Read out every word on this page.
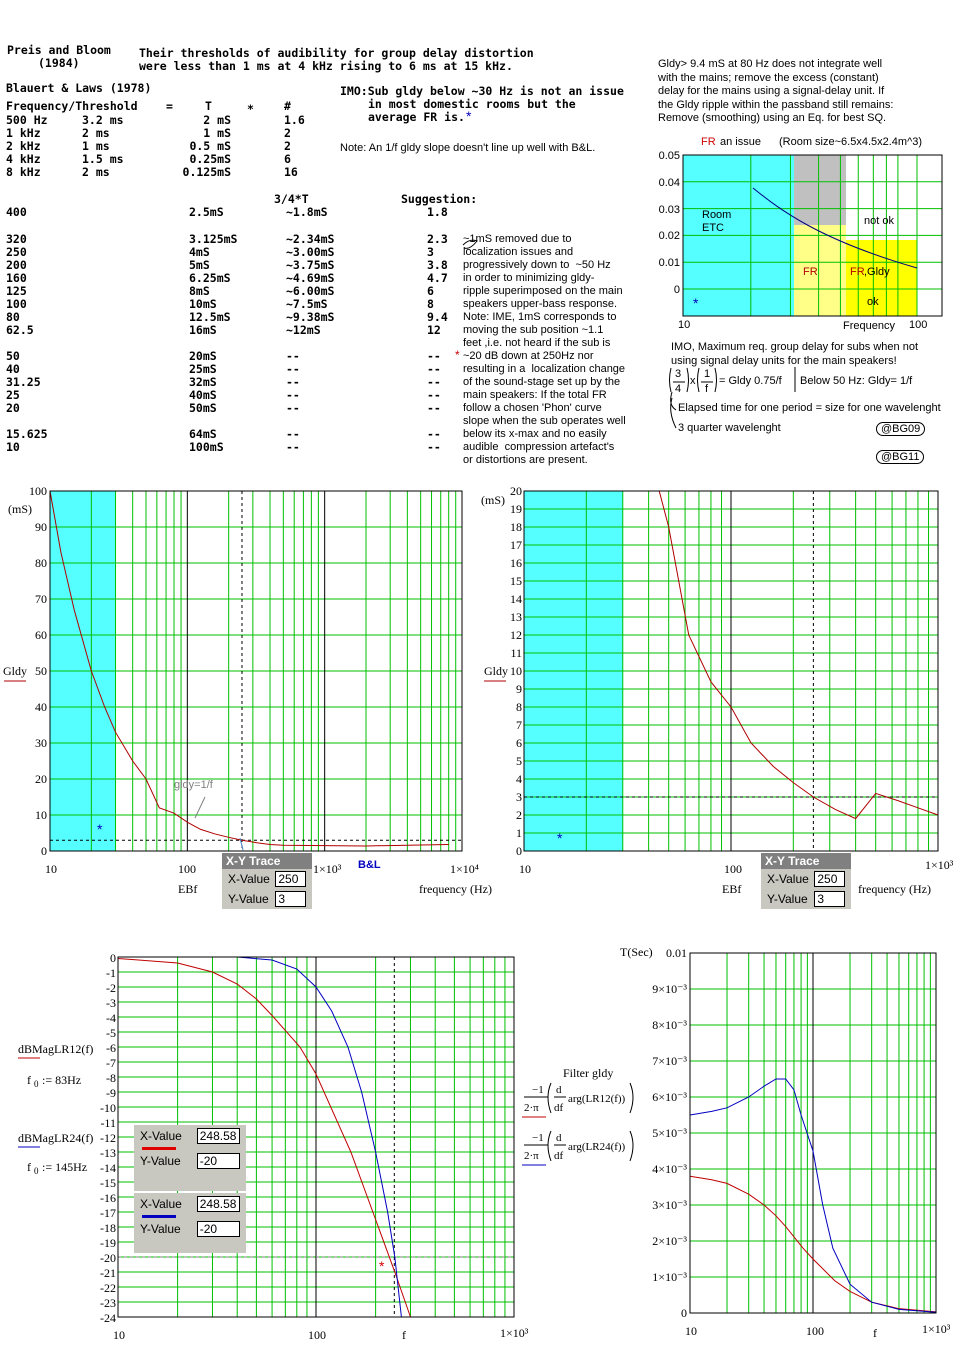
Preis and Bloom
(1984)
Their thresholds of audibility for group delay distortion
were less than 1 ms at 4 kHz rising to 6 ms at 15 kHz.
Blauert & Laws (1978)
Frequency/Threshold =	T	*	#
IMO:Sub gldy below ~30 Hz is not an issue
in most domestic rooms but the
average FR is. *
Note: An 1/f gldy slope doesn't line up well with B&L.
500 Hz	3.2 ms	2 mS	1.6
1 kHz	2 ms	1 mS	2
2 kHz	1 ms	0.5 mS	2
4 kHz	1.5 ms	0.25mS	6
8 kHz	2 ms	0.125mS	16
400	2.5mS	~1.8mS	1.8
320	3.125mS	~2.34mS	2.3
250	4mS	~3.00mS	3
200	5mS	~3.75mS	3.8
160	6.25mS	~4.69mS	4.7
125	8mS	~6.00mS	6
100	10mS	~7.5mS	8
80	12.5mS	~9.38mS	9.4
62.5	16mS	~12mS	12
50	20mS	--	--
40	25mS	--	--
31.25	32mS	--	--
25	40mS	--	--
20	50mS	--	--
15.625	64mS	--	--
10	100mS	--	--
3/4*T	Suggestion:
~1mS removed due to
localization issues and
progressively down to  ~50 Hz
in order to minimizing gldy-
ripple superimposed on the main
speakers upper-bass response.
Note: IME, 1mS corresponds to
moving the sub position ~1.1
feet ,i.e. not heard if the sub is
~20 dB down at 250Hz nor
resulting in a  localization change
of the sound-stage set up by the
main speakers: If the total FR
follow a chosen 'Phon' curve
slope when the sub operates well
below its x-max and no easily
audible  compression artefact's
or distortions are present.
*
Gldy> 9.4 mS at 80 Hz does not integrate well
with the mains; remove the excess (constant)
delay for the mains using a signal-delay unit. If
the Gldy ripple within the passband still remains:
Remove (smoothing) using an Eq. for best SQ.
−1
2·π
d
df
arg(LR12(f))
−1
2·π
d
df
arg(LR24(f))
FR an issue (Room size~6.5x4.5x2.4m^3)
0.05
0.04
0.03
0.02
0.01
0
Room
ETC
not ok
FR	FR ,Gldy
ok
*
10	Frequency 100
IMO, Maximum req. group delay for subs when not
using signal delay units for the main speakers!
3
4
x
1
f
= Gldy 0.75/f Below 50 Hz: Gldy= 1/f
Elapsed time for one period = size for one wavelenght
3 quarter wavelenght	@BG09
@BG11
0
10
20
30
40
50
60
70
80
90
100
(mS)
Gldy
10	100	1×10³	1×10⁴
EBf	frequency (Hz)
B&L
gldy=1/f
*
0
1
2
3
4
5
6
7
8
9
10
11
12
13
14
15
16
17
18
19
20
(mS)
Gldy
10	100	1×10³
EBf	frequency (Hz)
*
0
-1
-2
-3
-4
-5
-6
-7
-8
-9
-10
-11
-12
-13
-14
-15
-16
-17
-18
-19
-20
-21
-22
-23
-24
10	100	f	1×10³
dBMagLR12(f)
f 0 := 83Hz
dBMagLR24(f)
f 0 := 145Hz
*
0
1×10⁻³
2×10⁻³
3×10⁻³
4×10⁻³
5×10⁻³
6×10⁻³
7×10⁻³
8×10⁻³
9×10⁻³
0.01
T(Sec)
10	100	f	1×10³
Filter gldy
X-Y Trace
X-Value 250
Y-Value 3
X-Y Trace
X-Value 250
Y-Value 3
X-Value	248.58
Y-Value	-20
X-Value	248.58
Y-Value	-20
